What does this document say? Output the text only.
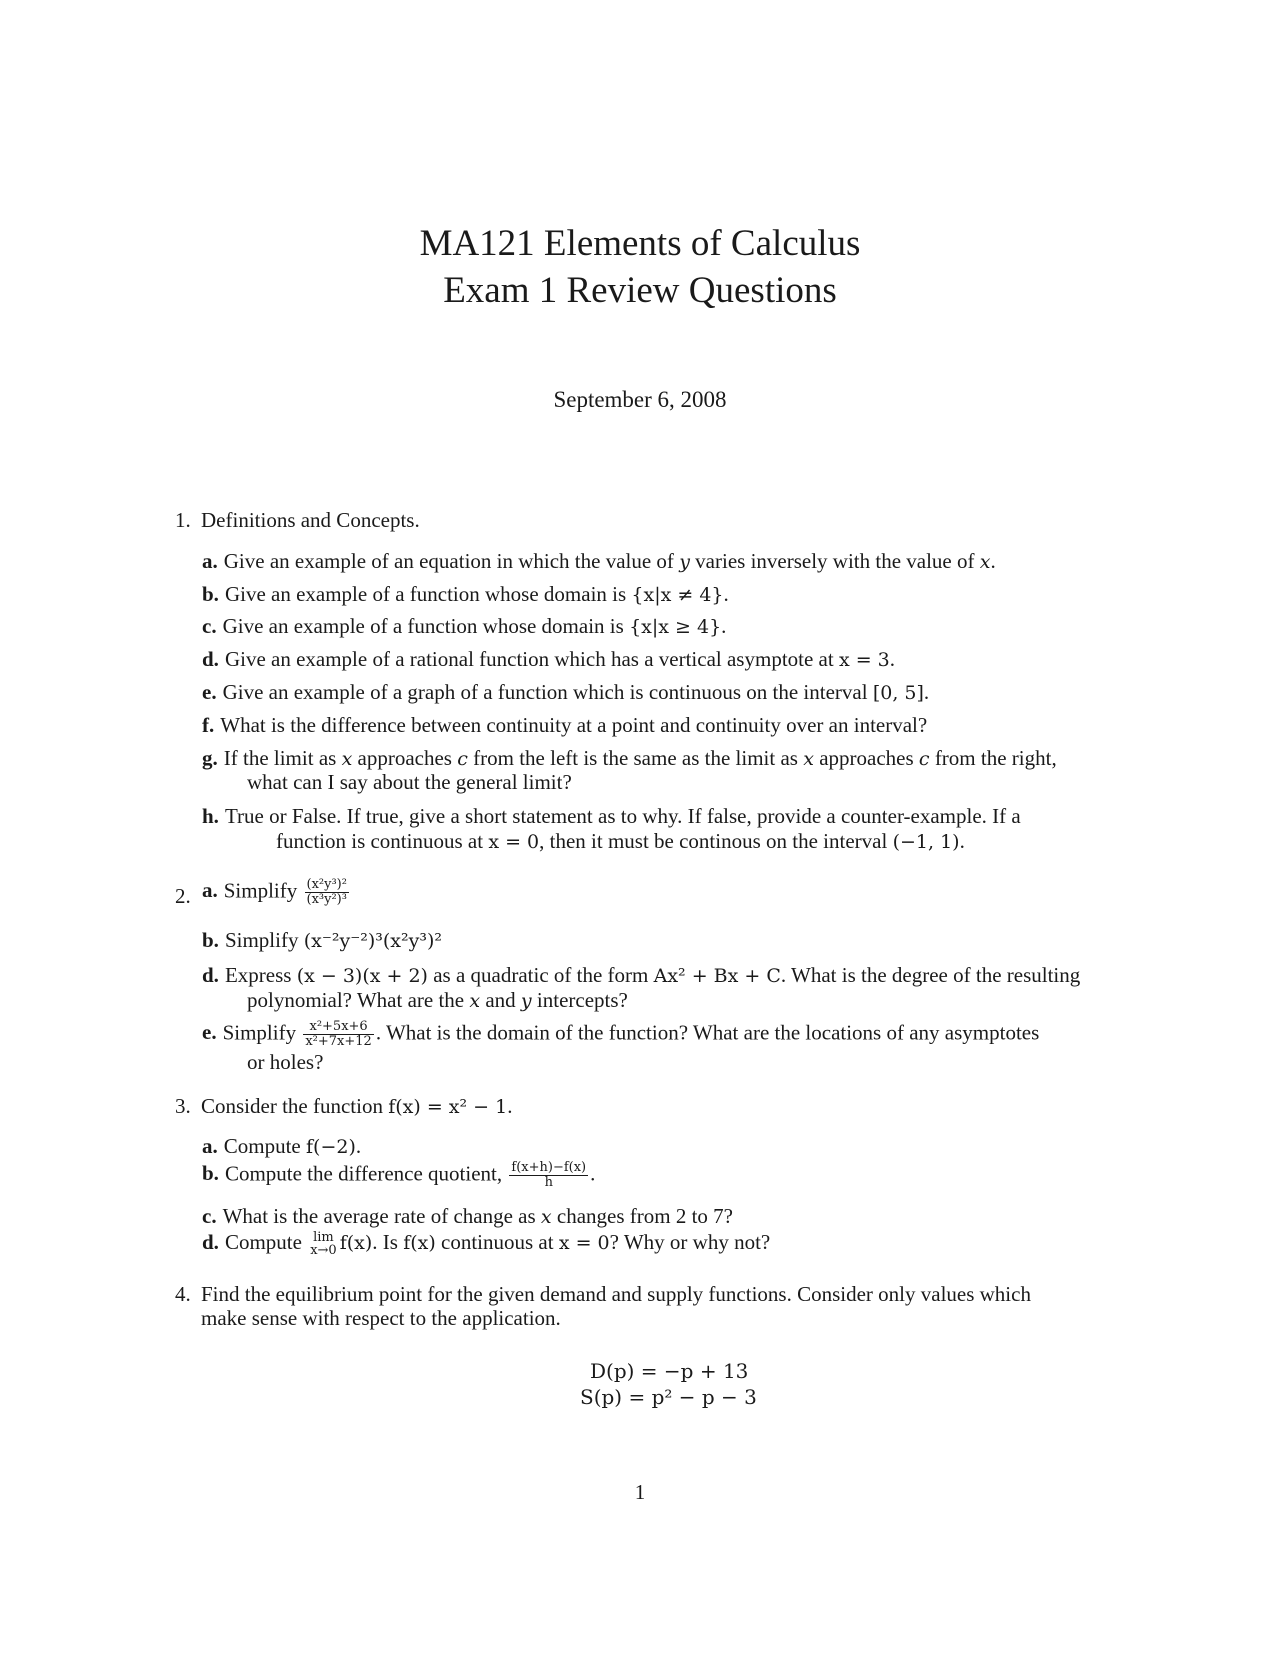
MA121 Elements of Calculus
Exam 1 Review Questions
September 6, 2008
1. Definitions and Concepts.
a. Give an example of an equation in which the value of y varies inversely with the value of x.
b. Give an example of a function whose domain is {x|x ≠ 4}.
c. Give an example of a function whose domain is {x|x ≥ 4}.
d. Give an example of a rational function which has a vertical asymptote at x = 3.
e. Give an example of a graph of a function which is continuous on the interval [0, 5].
f. What is the difference between continuity at a point and continuity over an interval?
g. If the limit as x approaches c from the left is the same as the limit as x approaches c from the right,
what can I say about the general limit?
h. True or False. If true, give a short statement as to why. If false, provide a counter-example. If a
function is continuous at x = 0, then it must be continous on the interval (−1, 1).
2. a. Simplify $\frac{\text{(x²y³)²}}{\text{(x³y²)³}}$
b. Simplify (x⁻²y⁻²)³(x²y³)²
d. Express (x − 3)(x + 2) as a quadratic of the form Ax² + Bx + C. What is the degree of the resulting
polynomial? What are the x and y intercepts?
e. Simplify $\frac{\text{x²+5x+6}}{\text{x²+7x+12}}$ . What is the domain of the function? What are the locations of any asymptotes
or holes?
3. Consider the function f(x) = x² − 1.
a. Compute f(−2).
b. Compute the difference quotient, $\frac{f(x+h)-f(x)}{h}$ .
c. What is the average rate of change as x changes from 2 to 7?
d. Compute lim
x→0 f(x). Is f(x) continuous at x = 0? Why or why not?
4. Find the equilibrium point for the given demand and supply functions. Consider only values which
make sense with respect to the application.
D(p) = −p + 13
S(p) = p² − p − 3
1
